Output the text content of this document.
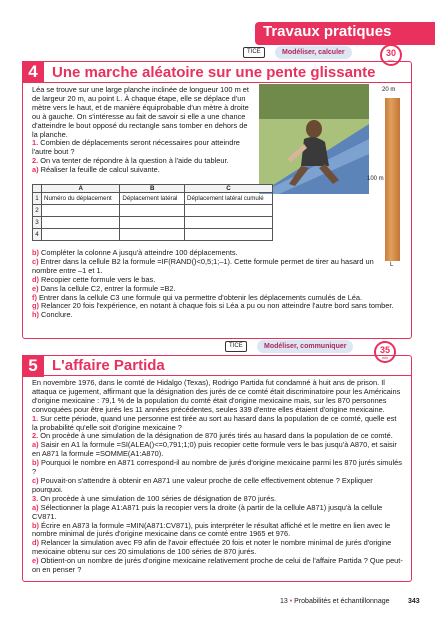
Travaux pratiques
TICE	Modéliser, calculer	30
min
4 Une marche aléatoire sur une pente glissante

Léa se trouve sur une large planche inclinée de longueur 100 m et de largeur 20 m, au point L. À chaque étape, elle se déplace d'un mètre vers le haut, et de manière équiprobable d'un mètre à droite ou à gauche. On s'intéresse au fait de savoir si elle a une chance d'atteindre le bout opposé du rectangle sans tomber en dehors de la planche.

1. Combien de déplacements seront nécessaires pour atteindre l'autre bout ?

2. On va tenter de répondre à la question à l'aide du tableur.

a) Réaliser la feuille de calcul suivante.

20 m
100 m
L
	A	B	C
1	Numéro du déplacement	Déplacement latéral	Déplacement latéral cumulé
2			
3			
4			

b) Compléter la colonne A jusqu'à atteindre 100 déplacements.

c) Entrer dans la cellule B2 la formule =IF(RAND()<0,5;1;–1). Cette formule permet de tirer au hasard un nombre entre –1 et 1.

d) Recopier cette formule vers le bas.

e) Dans la cellule C2, entrer la formule =B2.

f) Entrer dans la cellule C3 une formule qui va permettre d'obtenir les déplacements cumulés de Léa.

g) Relancer 20 fois l'expérience, en notant à chaque fois si Léa a pu ou non atteindre l'autre bord sans tomber.

h) Conclure.

TICE	Modéliser, communiquer	35
min
5 L'affaire Partida

En novembre 1976, dans le comté de Hidalgo (Texas), Rodrigo Partida fut condamné à huit ans de prison. Il attaqua ce jugement, affirmant que la désignation des jurés de ce comté était discriminatoire pour les Américains d'origine mexicaine : 79,1 % de la population du comté était d'origine mexicaine mais, sur les 870 personnes convoquées pour être jurés les 11 années précédentes, seules 339 d'entre elles étaient d'origine mexicaine.

1. Sur cette période, quand une personne est tirée au sort au hasard dans la population de ce comté, quelle est la probabilité qu'elle soit d'origine mexicaine ?

2. On procède à une simulation de la désignation de 870 jurés tirés au hasard dans la population de ce comté.

a) Saisir en A1 la formule =SI(ALEA()<=0,791;1;0) puis recopier cette formule vers le bas jusqu'à A870, et saisir en A871 la formule =SOMME(A1:A870).

b) Pourquoi le nombre en A871 correspond-il au nombre de jurés d'origine mexicaine parmi les 870 jurés simulés ?

c) Pouvait-on s'attendre à obtenir en A871 une valeur proche de celle effectivement obtenue ? Expliquer pourquoi.

3. On procède à une simulation de 100 séries de désignation de 870 jurés.

a) Sélectionner la plage A1:A871 puis la recopier vers la droite (à partir de la cellule A871) jusqu'à la cellule CV871.

b) Écrire en A873 la formule =MIN(A871:CV871), puis interpréter le résultat affiché et le mettre en lien avec le nombre minimal de jurés d'origine mexicaine dans ce comté entre 1965 et 976.

d) Relancer la simulation avec F9 afin de l'avoir effectuée 20 fois et noter le nombre minimal de jurés d'origine mexicaine obtenu sur ces 20 simulations de 100 séries de 870 jurés.

e) Obtient-on un nombre de jurés d'origine mexicaine relativement proche de celui de l'affaire Partida ? Que peut-on en penser ?

13 • Probabilités et échantillonnage	343
